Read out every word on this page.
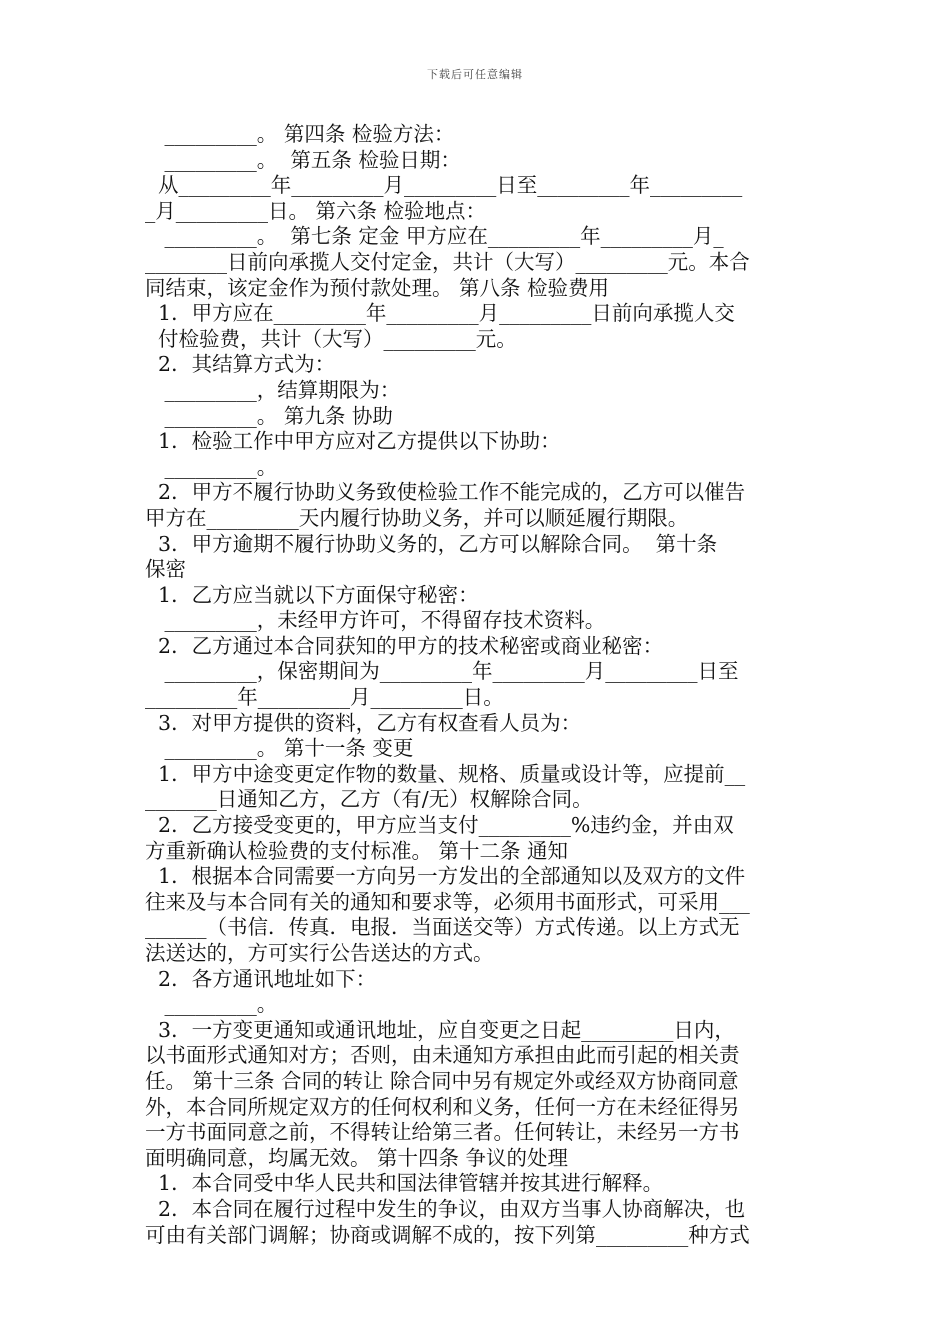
下载后可任意编辑
_________。 第四条 检验方法：
_________。  第五条 检验日期：
从_________年_________月_________日至_________年_________
_月_________日。 第六条 检验地点：
_________。  第七条 定金 甲方应在_________年_________月_
________日前向承揽人交付定金，共计（大写）_________元。本合
同结束，该定金作为预付款处理。 第八条 检验费用
1．甲方应在_________年_________月_________日前向承揽人交
付检验费，共计（大写）_________元。
2．其结算方式为：
_________，结算期限为：
_________。 第九条 协助
1．检验工作中甲方应对乙方提供以下协助：
_________。
2．甲方不履行协助义务致使检验工作不能完成的，乙方可以催告
甲方在_________天内履行协助义务，并可以顺延履行期限。
3．甲方逾期不履行协助义务的，乙方可以解除合同。  第十条
保密
1．乙方应当就以下方面保守秘密：
_________，未经甲方许可，不得留存技术资料。
2．乙方通过本合同获知的甲方的技术秘密或商业秘密：
_________，保密期间为_________年_________月_________日至
_________年_________月_________日。
3．对甲方提供的资料，乙方有权查看人员为：
_________。 第十一条 变更
1．甲方中途变更定作物的数量、规格、质量或设计等，应提前__
_______日通知乙方，乙方（有/无）权解除合同。
2．乙方接受变更的，甲方应当支付_________%违约金，并由双
方重新确认检验费的支付标准。 第十二条 通知
1．根据本合同需要一方向另一方发出的全部通知以及双方的文件
往来及与本合同有关的通知和要求等，必须用书面形式，可采用___
______（书信．传真．电报．当面送交等）方式传递。以上方式无
法送达的，方可实行公告送达的方式。
2．各方通讯地址如下：
_________。
3．一方变更通知或通讯地址，应自变更之日起_________日内，
以书面形式通知对方；否则，由未通知方承担由此而引起的相关责
任。 第十三条 合同的转让 除合同中另有规定外或经双方协商同意
外，本合同所规定双方的任何权利和义务，任何一方在未经征得另
一方书面同意之前，不得转让给第三者。任何转让，未经另一方书
面明确同意，均属无效。 第十四条 争议的处理
1．本合同受中华人民共和国法律管辖并按其进行解释。
2．本合同在履行过程中发生的争议，由双方当事人协商解决，也
可由有关部门调解；协商或调解不成的，按下列第_________种方式
